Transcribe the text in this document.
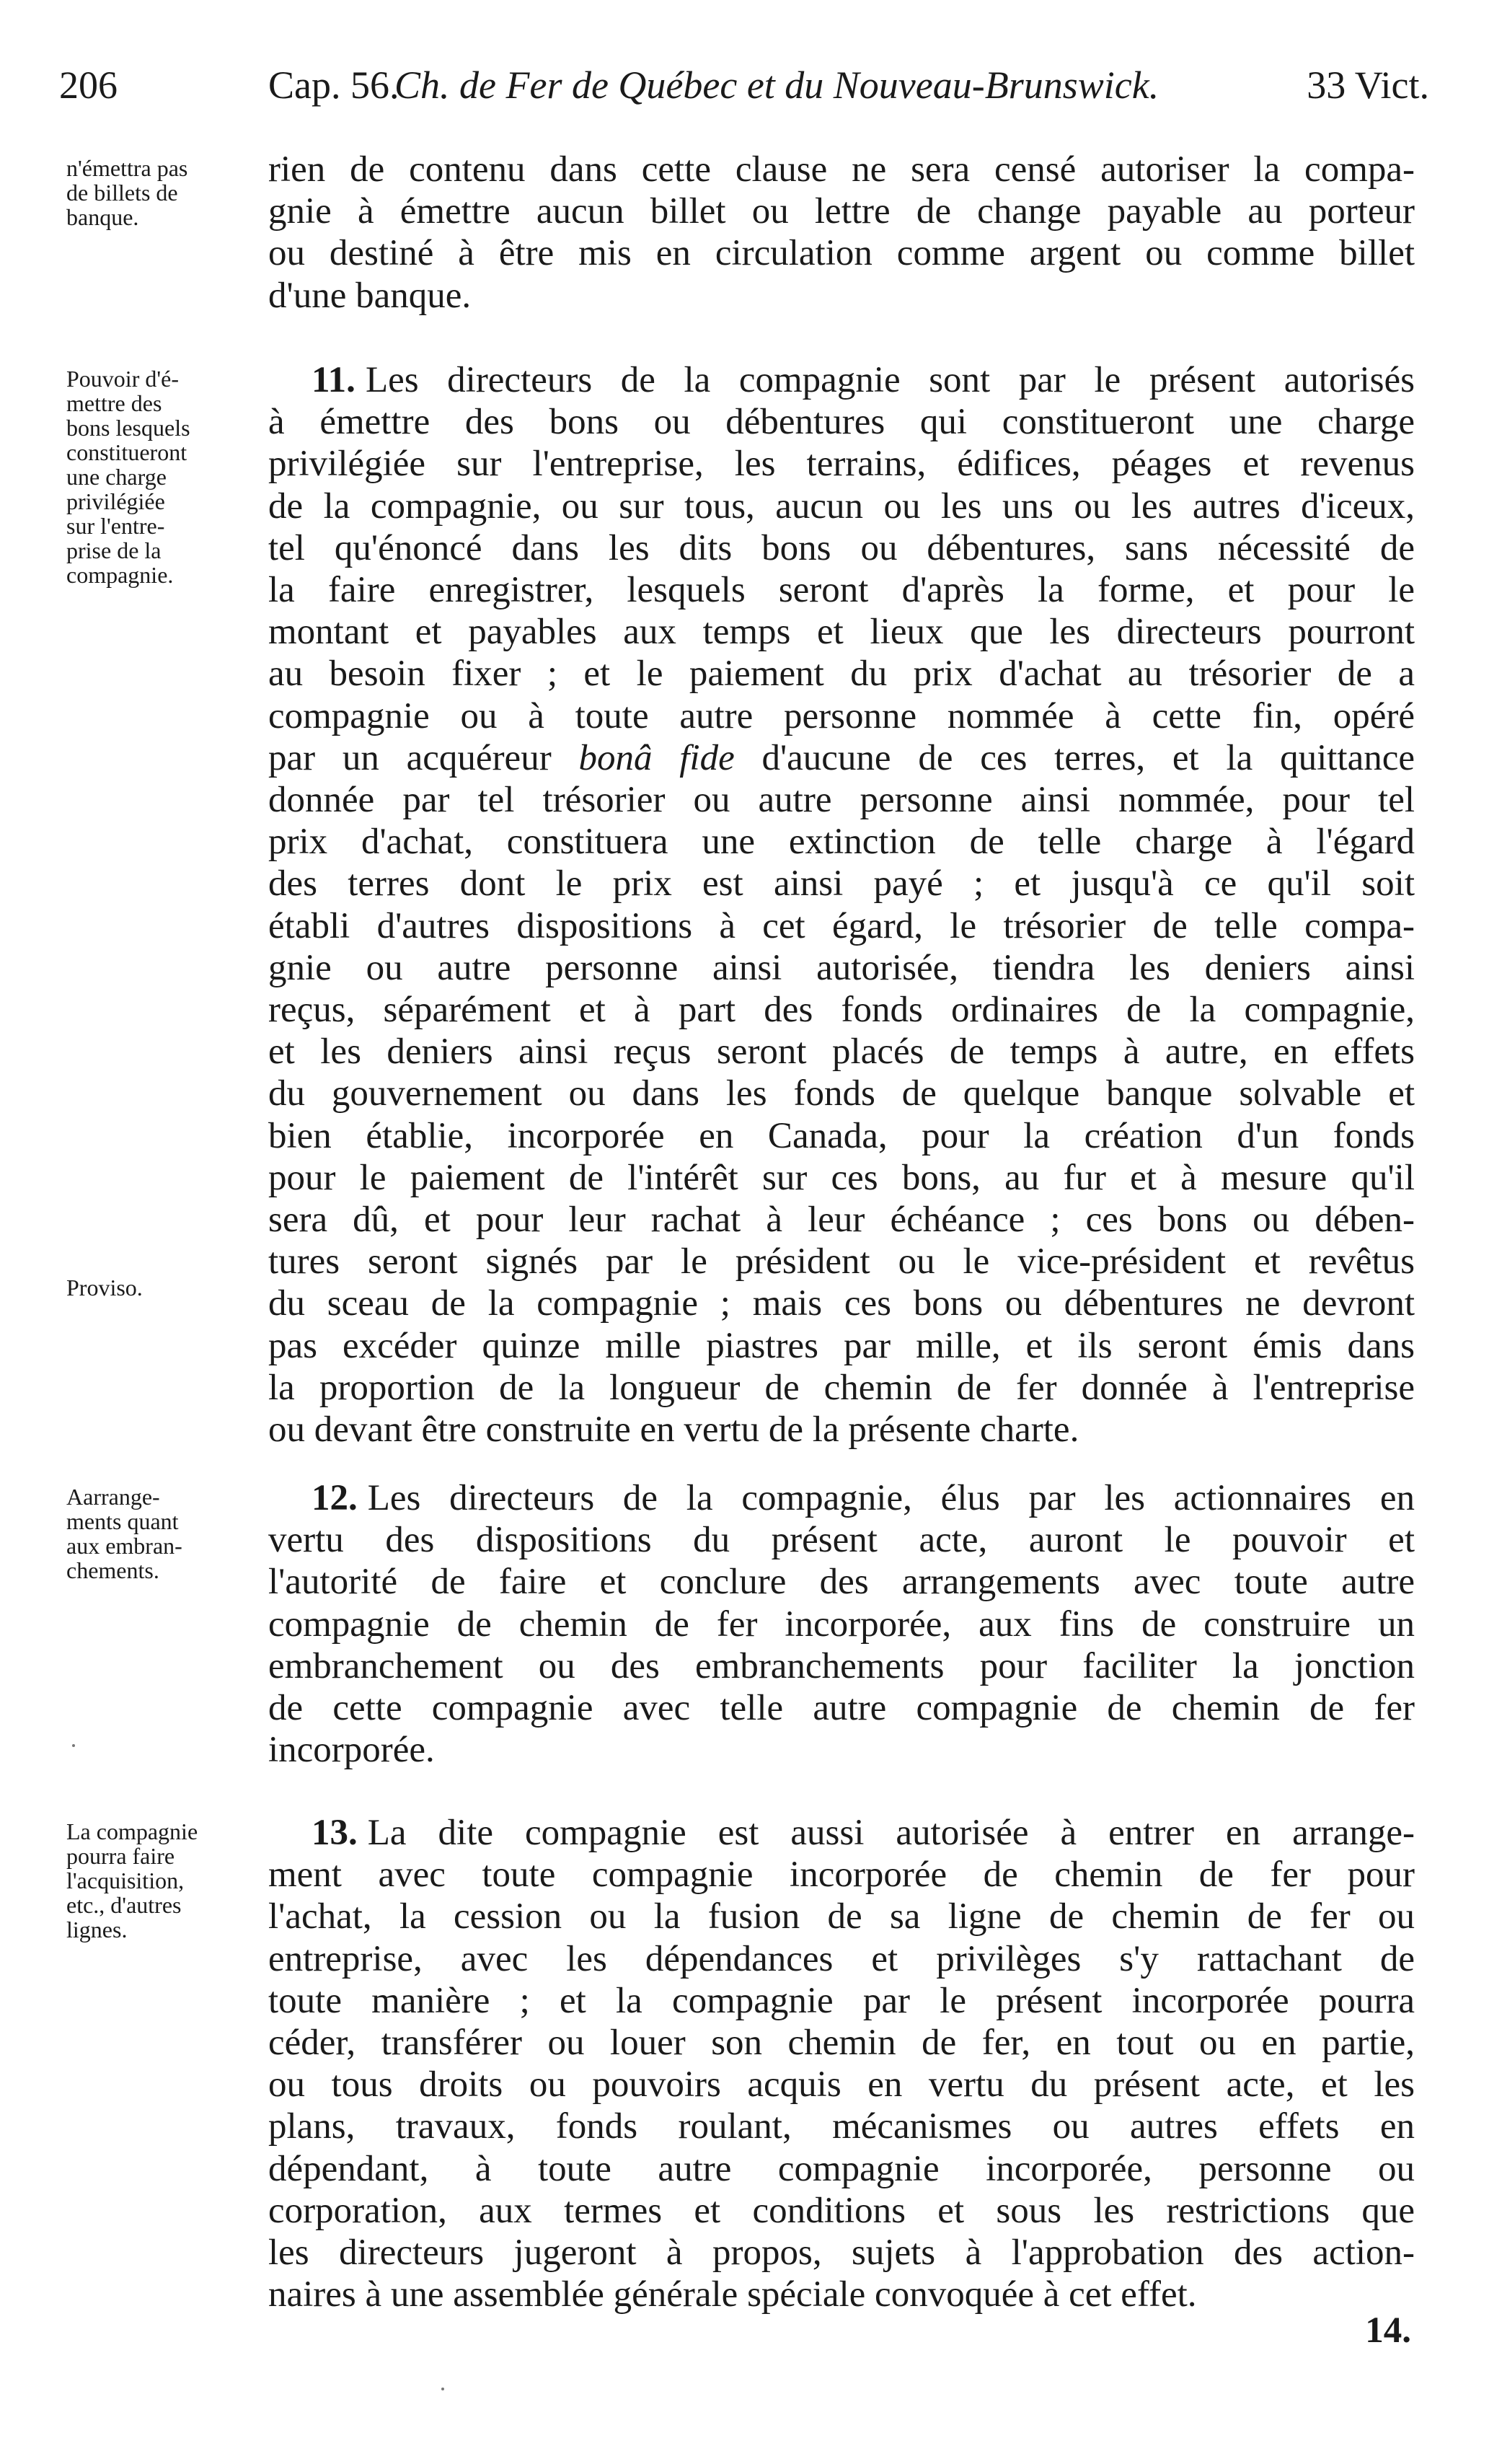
206	Cap. 56.
Ch. de Fer de Québec et du Nouveau-Brunswick.	33 Vict.
n'émettra pas
de billets de
banque.
rien de contenu dans cette clause ne sera censé autoriser la compa-
gnie à émettre aucun billet ou lettre de change payable au porteur
ou destiné à être mis en circulation comme argent ou comme billet
d'une banque.
Pouvoir d'é-
mettre des
bons lesquels
constitueront
une charge
privilégiée
sur l'entre-
prise de la
compagnie.
Proviso.
11. Les directeurs de la compagnie sont par le présent autorisés
à émettre des bons ou débentures qui constitueront une charge
privilégiée sur l'entreprise, les terrains, édifices, péages et revenus
de la compagnie, ou sur tous, aucun ou les uns ou les autres d'iceux,
tel qu'énoncé dans les dits bons ou débentures, sans nécessité de
la faire enregistrer, lesquels seront d'après la forme, et pour le
montant et payables aux temps et lieux que les directeurs pourront
au besoin fixer ; et le paiement du prix d'achat au trésorier de a
compagnie ou à toute autre personne nommée à cette fin, opéré
par un acquéreur bonâ fide d'aucune de ces terres, et la quittance
donnée par tel trésorier ou autre personne ainsi nommée, pour tel
prix d'achat, constituera une extinction de telle charge à l'égard
des terres dont le prix est ainsi payé ; et jusqu'à ce qu'il soit
établi d'autres dispositions à cet égard, le trésorier de telle compa-
gnie ou autre personne ainsi autorisée, tiendra les deniers ainsi
reçus, séparément et à part des fonds ordinaires de la compagnie,
et les deniers ainsi reçus seront placés de temps à autre, en effets
du gouvernement ou dans les fonds de quelque banque solvable et
bien établie, incorporée en Canada, pour la création d'un fonds
pour le paiement de l'intérêt sur ces bons, au fur et à mesure qu'il
sera dû, et pour leur rachat à leur échéance ; ces bons ou dében-
tures seront signés par le président ou le vice-président et revêtus
du sceau de la compagnie ; mais ces bons ou débentures ne devront
pas excéder quinze mille piastres par mille, et ils seront émis dans
la proportion de la longueur de chemin de fer donnée à l'entreprise
ou devant être construite en vertu de la présente charte.
Aarrange-
ments quant
aux embran-
chements.
12. Les directeurs de la compagnie, élus par les actionnaires en
vertu des dispositions du présent acte, auront le pouvoir et
l'autorité de faire et conclure des arrangements avec toute autre
compagnie de chemin de fer incorporée, aux fins de construire un
embranchement ou des embranchements pour faciliter la jonction
de cette compagnie avec telle autre compagnie de chemin de fer
incorporée.
La compagnie
pourra faire
l'acquisition,
etc., d'autres
lignes.
13. La dite compagnie est aussi autorisée à entrer en arrange-
ment avec toute compagnie incorporée de chemin de fer pour
l'achat, la cession ou la fusion de sa ligne de chemin de fer ou
entreprise, avec les dépendances et privilèges s'y rattachant de
toute manière ; et la compagnie par le présent incorporée pourra
céder, transférer ou louer son chemin de fer, en tout ou en partie,
ou tous droits ou pouvoirs acquis en vertu du présent acte, et les
plans, travaux, fonds roulant, mécanismes ou autres effets en
dépendant, à toute autre compagnie incorporée, personne ou
corporation, aux termes et conditions et sous les restrictions que
les directeurs jugeront à propos, sujets à l'approbation des action-
naires à une assemblée générale spéciale convoquée à cet effet.
14.
